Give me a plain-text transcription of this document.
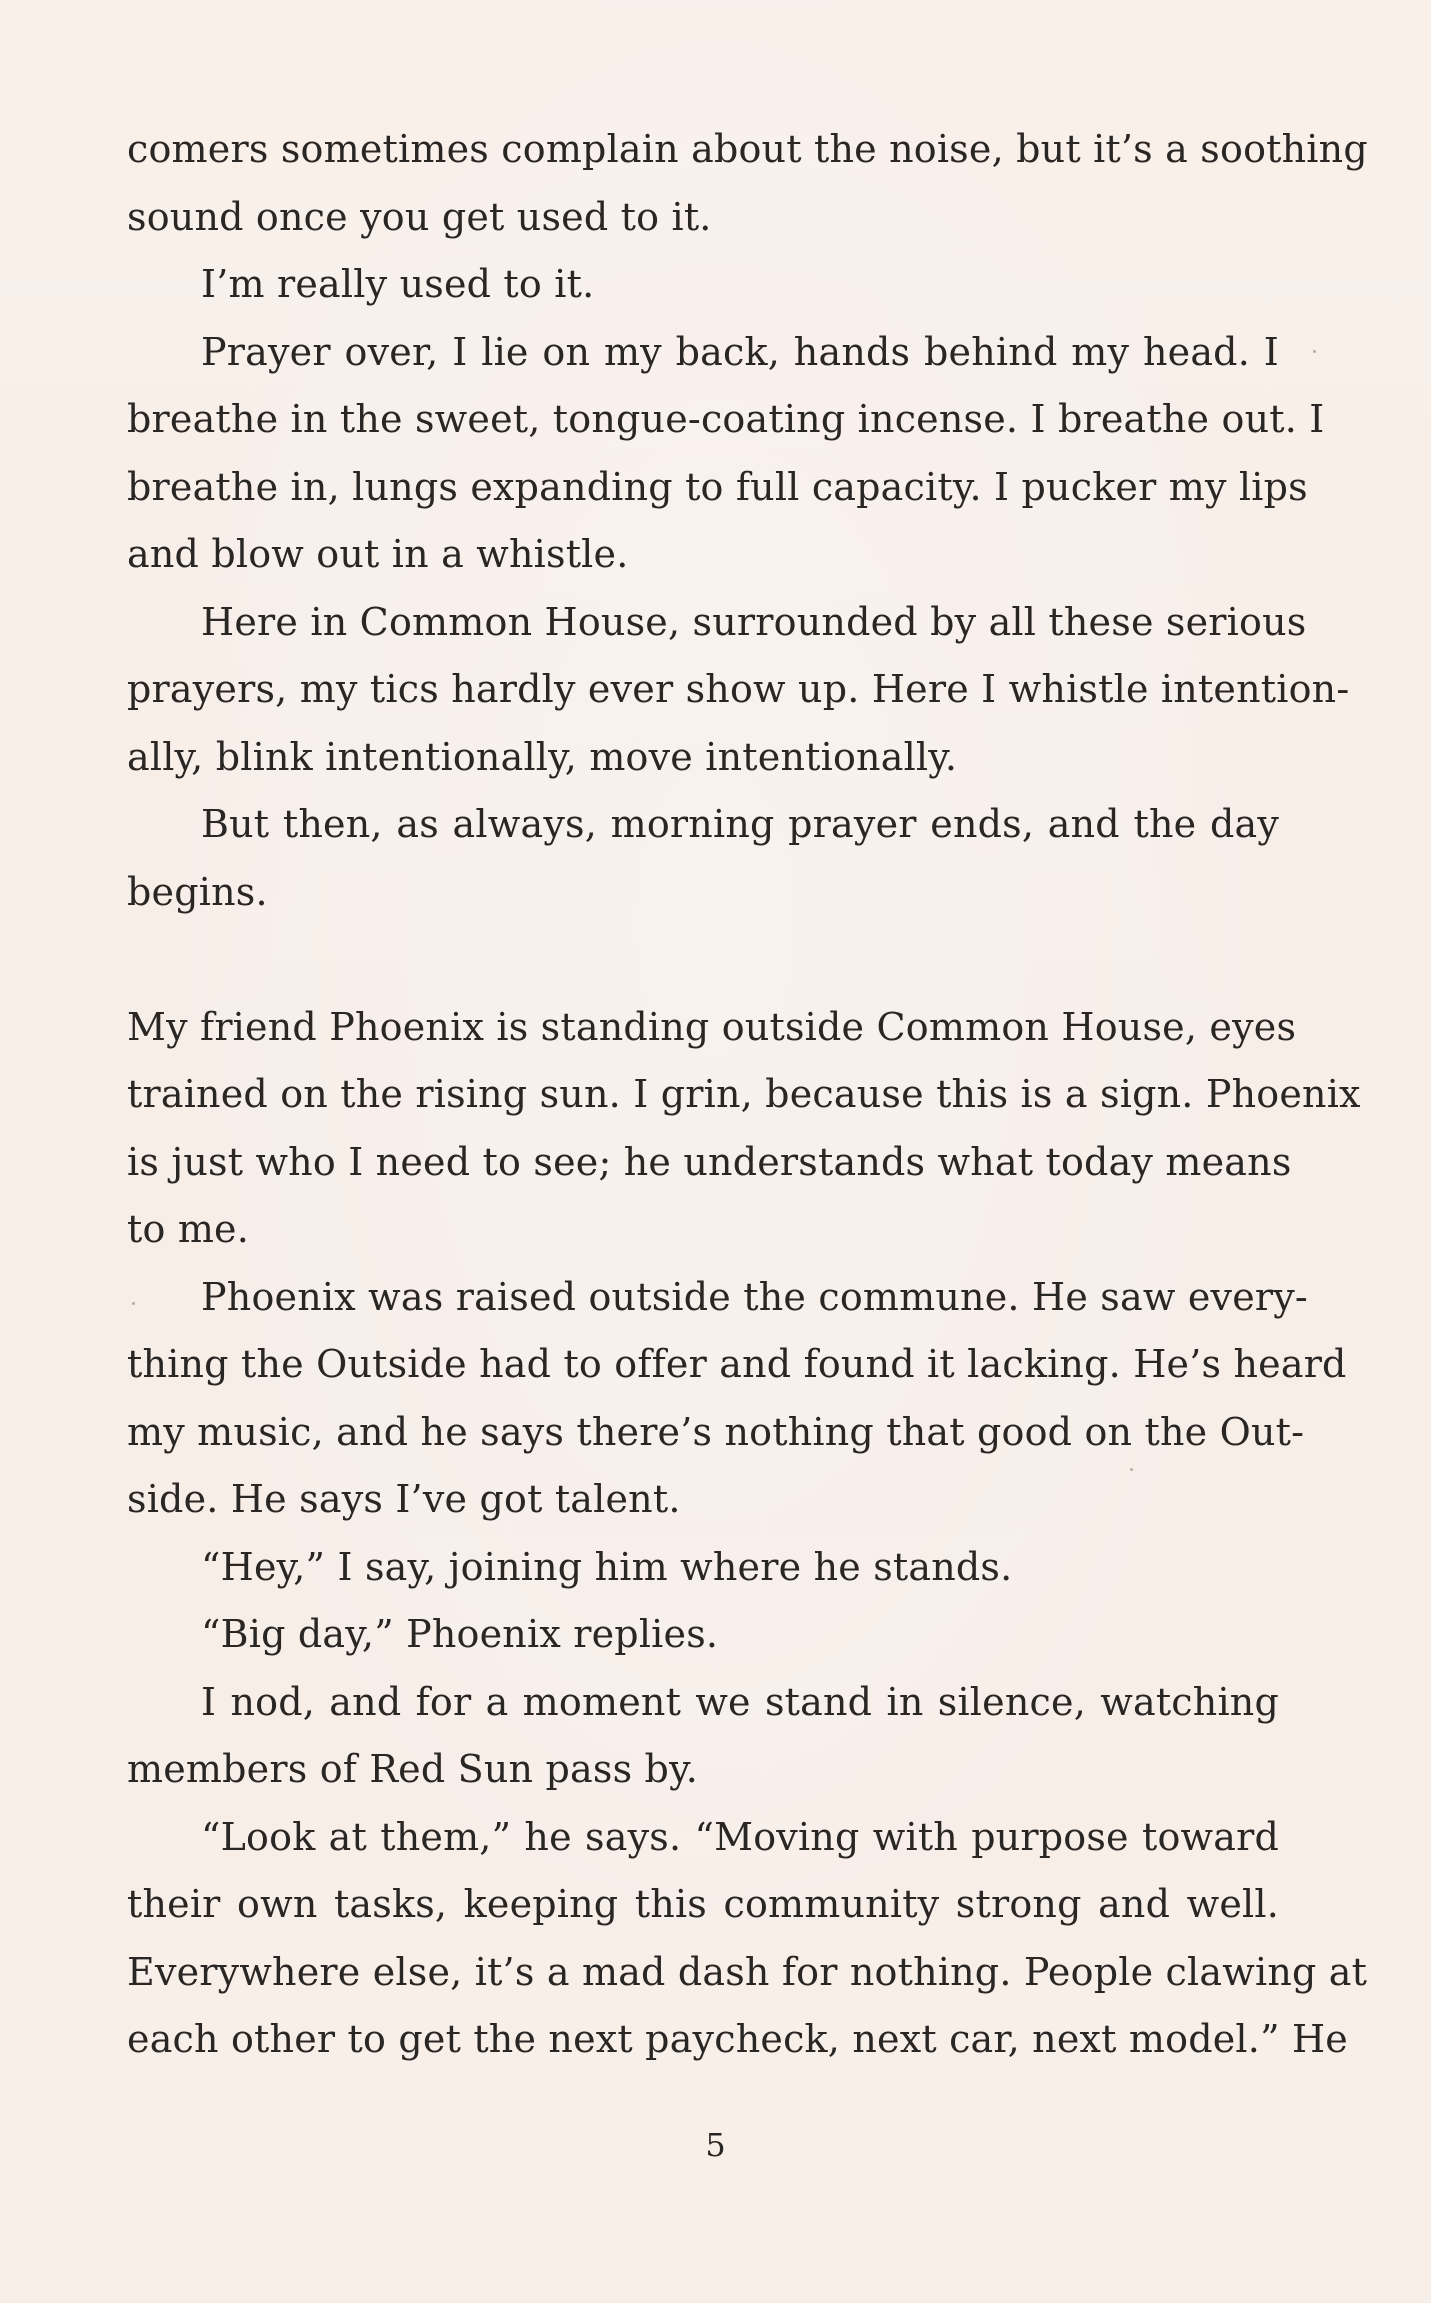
comers sometimes complain about the noise, but it’s a soothing
sound once you get used to it.
I’m really used to it.
Prayer over, I lie on my back, hands behind my head. I
breathe in the sweet, tongue-coating incense. I breathe out. I
breathe in, lungs expanding to full capacity. I pucker my lips
and blow out in a whistle.
Here in Common House, surrounded by all these serious
prayers, my tics hardly ever show up. Here I whistle intention-
ally, blink intentionally, move intentionally.
But then, as always, morning prayer ends, and the day
begins.
My friend Phoenix is standing outside Common House, eyes
trained on the rising sun. I grin, because this is a sign. Phoenix
is just who I need to see; he understands what today means
to me.
Phoenix was raised outside the commune. He saw every-
thing the Outside had to offer and found it lacking. He’s heard
my music, and he says there’s nothing that good on the Out-
side. He says I’ve got talent.
“Hey,” I say, joining him where he stands.
“Big day,” Phoenix replies.
I nod, and for a moment we stand in silence, watching
members of Red Sun pass by.
“Look at them,” he says. “Moving with purpose toward
their own tasks, keeping this community strong and well.
Everywhere else, it’s a mad dash for nothing. People clawing at
each other to get the next paycheck, next car, next model.” He
5
